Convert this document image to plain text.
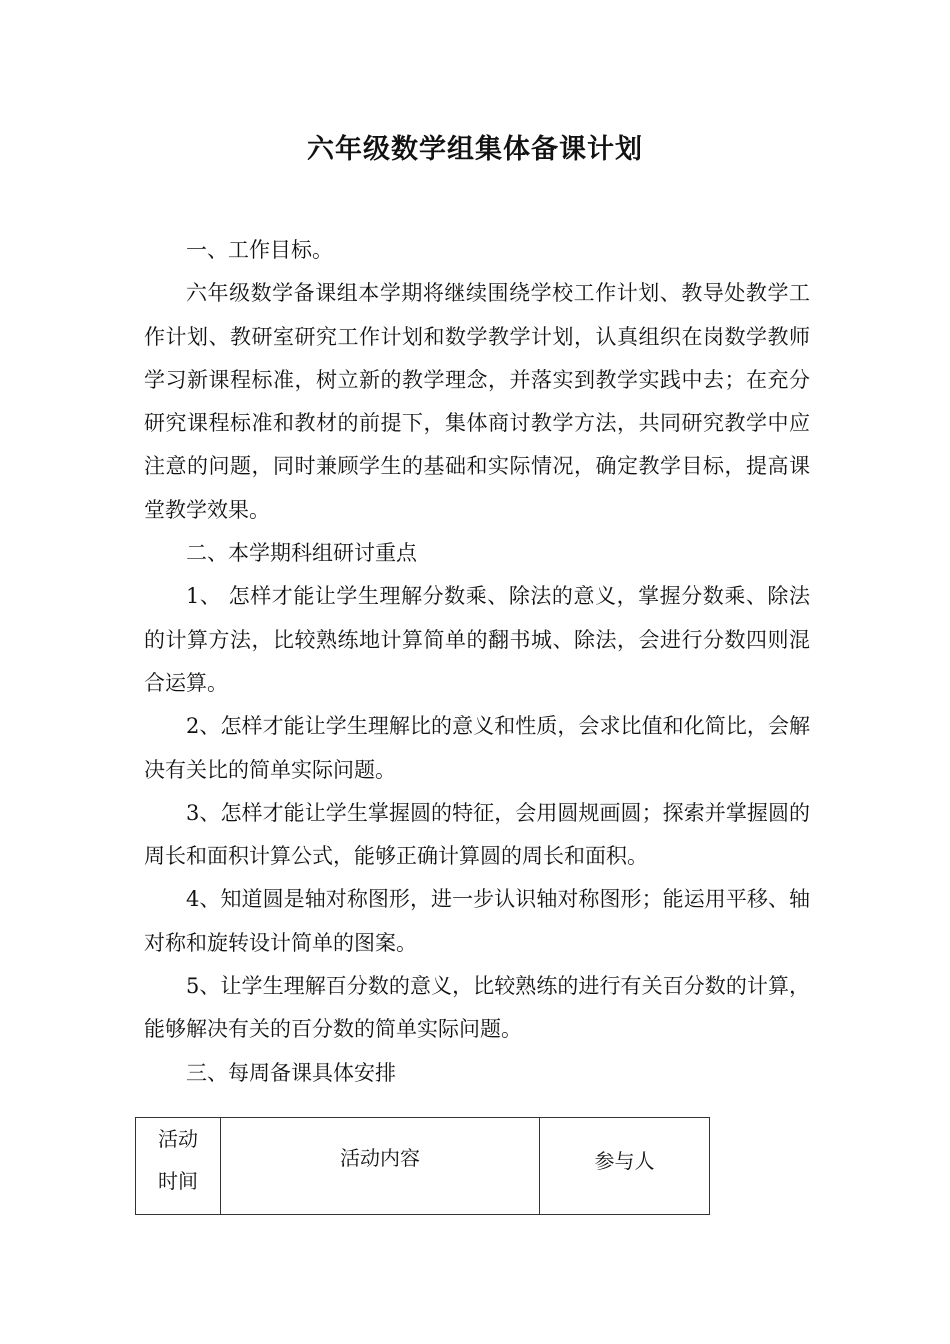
六年级数学组集体备课计划

一、工作目标。

六年级数学备课组本学期将继续围绕学校工作计划、教导处教学工作计划、教研室研究工作计划和数学教学计划，认真组织在岗数学教师学习新课程标准，树立新的教学理念，并落实到教学实践中去；在充分研究课程标准和教材的前提下，集体商讨教学方法，共同研究教学中应注意的问题，同时兼顾学生的基础和实际情况，确定教学目标，提高课堂教学效果。

二、本学期科组研讨重点

1、 怎样才能让学生理解分数乘、除法的意义，掌握分数乘、除法的计算方法，比较熟练地计算简单的翻书城、除法，会进行分数四则混合运算。

2、怎样才能让学生理解比的意义和性质，会求比值和化简比，会解决有关比的简单实际问题。

3、怎样才能让学生掌握圆的特征，会用圆规画圆；探索并掌握圆的周长和面积计算公式，能够正确计算圆的周长和面积。

4、知道圆是轴对称图形，进一步认识轴对称图形；能运用平移、轴对称和旋转设计简单的图案。

5、让学生理解百分数的意义，比较熟练的进行有关百分数的计算，能够解决有关的百分数的简单实际问题。

三、每周备课具体安排

活动时间	活动内容	参与人
